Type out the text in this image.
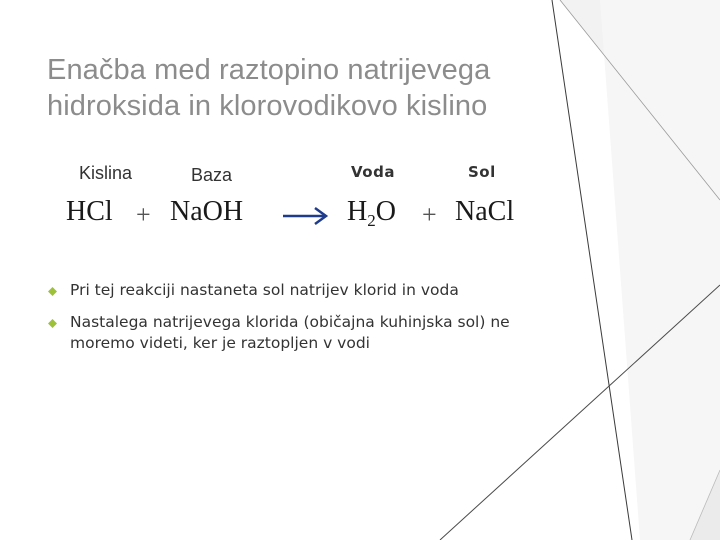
Enačba med raztopino natrijevega
hidroksida in klorovodikovo kislino
Kislina	Baza	Voda	Sol
HCl + NaOH → $H_2O$ + NaCl
Pri tej reakciji nastaneta sol natrijev klorid in voda
Nastalega natrijevega klorida (običajna kuhinjska sol) ne moremo videti, ker je raztopljen v vodi
